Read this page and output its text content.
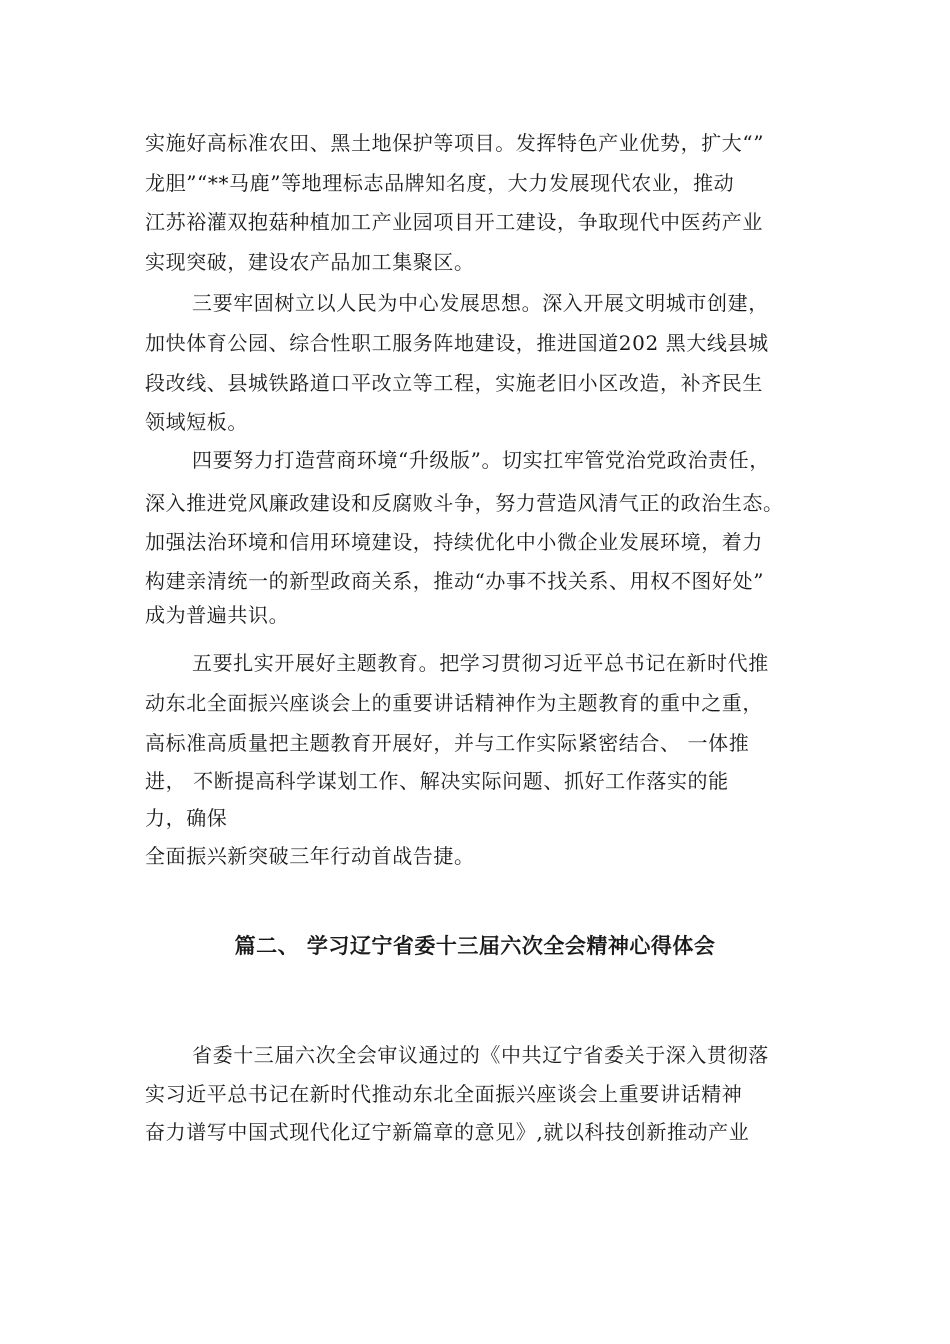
实施好高标准农田、黑土地保护等项目。发挥特色产业优势，扩大“”
龙胆”“**马鹿”等地理标志品牌知名度，大力发展现代农业，推动
江苏裕灌双抱菇种植加工产业园项目开工建设，争取现代中医药产业
实现突破，建设农产品加工集聚区。
三要牢固树立以人民为中心发展思想。深入开展文明城市创建，
加快体育公园、综合性职工服务阵地建设，推进国道202 黑大线县城
段改线、县城铁路道口平改立等工程，实施老旧小区改造，补齐民生
领域短板。
四要努力打造营商环境“升级版”。切实扛牢管党治党政治责任，
深入推进党风廉政建设和反腐败斗争，努力营造风清气正的政治生态。
加强法治环境和信用环境建设，持续优化中小微企业发展环境，着力
构建亲清统一的新型政商关系，推动“办事不找关系、用权不图好处”
成为普遍共识。
五要扎实开展好主题教育。把学习贯彻习近平总书记在新时代推
动东北全面振兴座谈会上的重要讲话精神作为主题教育的重中之重，
高标准高质量把主题教育开展好，并与工作实际紧密结合、 一体推
进， 不断提高科学谋划工作、解决实际问题、抓好工作落实的能
力，确保
全面振兴新突破三年行动首战告捷。
篇二、 学习辽宁省委十三届六次全会精神心得体会
省委十三届六次全会审议通过的《中共辽宁省委关于深入贯彻落
实习近平总书记在新时代推动东北全面振兴座谈会上重要讲话精神
奋力谱写中国式现代化辽宁新篇章的意见》,就以科技创新推动产业
